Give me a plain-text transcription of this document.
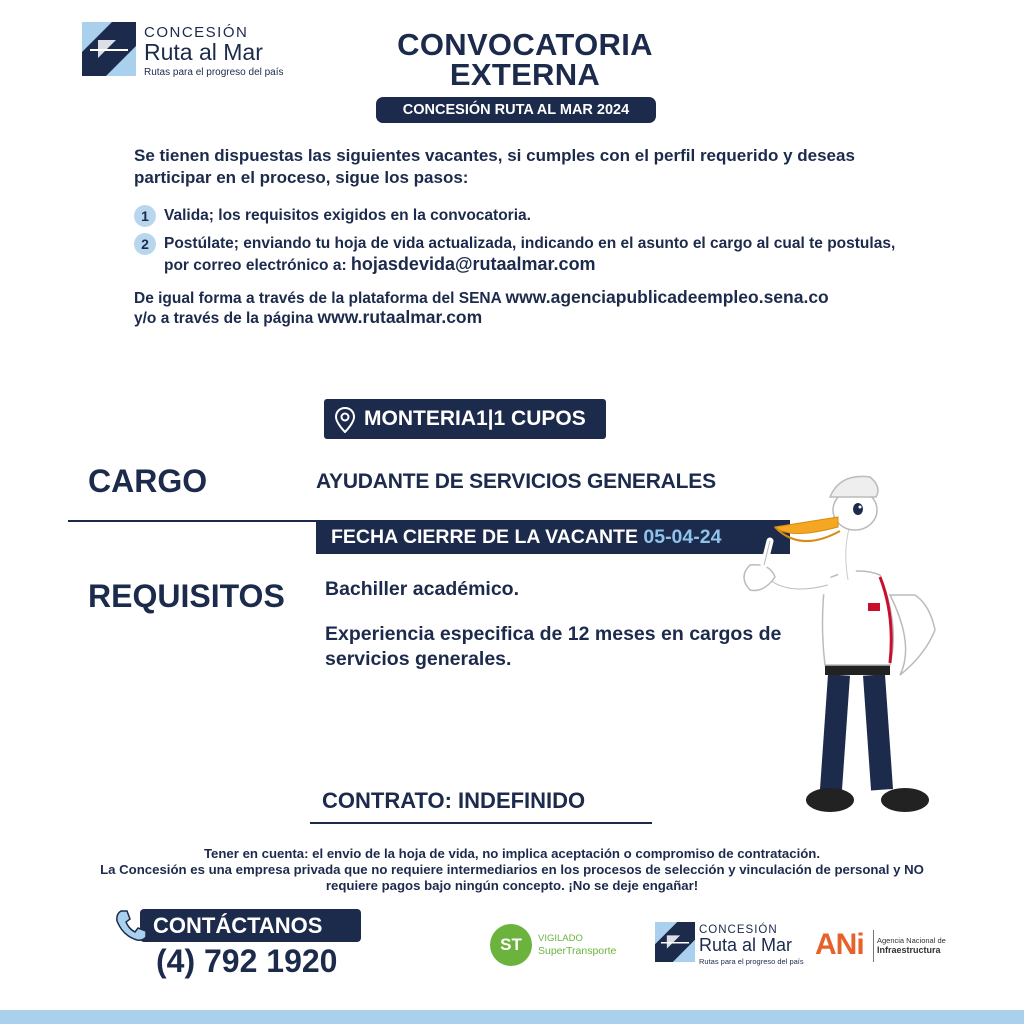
CONCESIÓN
Ruta al Mar
Rutas para el progreso del país
CONVOCATORIA
EXTERNA
CONCESIÓN RUTA AL MAR 2024
Se tienen dispuestas las siguientes vacantes, si cumples con el perfil requerido y deseas participar en el proceso, sigue los pasos:
1 Valida; los requisitos exigidos en la convocatoria.
2 Postúlate; enviando tu hoja de vida actualizada, indicando en el asunto el cargo al cual te postulas, por correo electrónico a: hojasdevida@rutaalmar.com
De igual forma a través de la plataforma del SENA www.agenciapublicadeempleo.sena.co
y/o a través de la página www.rutaalmar.com
MONTERIA1|1 CUPOS
CARGO	AYUDANTE DE SERVICIOS GENERALES
FECHA CIERRE DE LA VACANTE 05-04-24
REQUISITOS Bachiller académico.
Experiencia especifica de 12 meses en cargos de servicios generales.
CONTRATO: INDEFINIDO
Tener en cuenta: el envio de la hoja de vida, no implica aceptación o compromiso de contratación.
La Concesión es una empresa privada que no requiere intermediarios en los procesos de selección y vinculación de personal y NO requiere pagos bajo ningún concepto. ¡No se deje engañar!
CONTÁCTANOS
(4) 792 1920	ST	VIGILADO
SuperTransporte
CONCESIÓN
Ruta al Mar
Rutas para el progreso del país
ANi Agencia Nacional de
Infraestructura
